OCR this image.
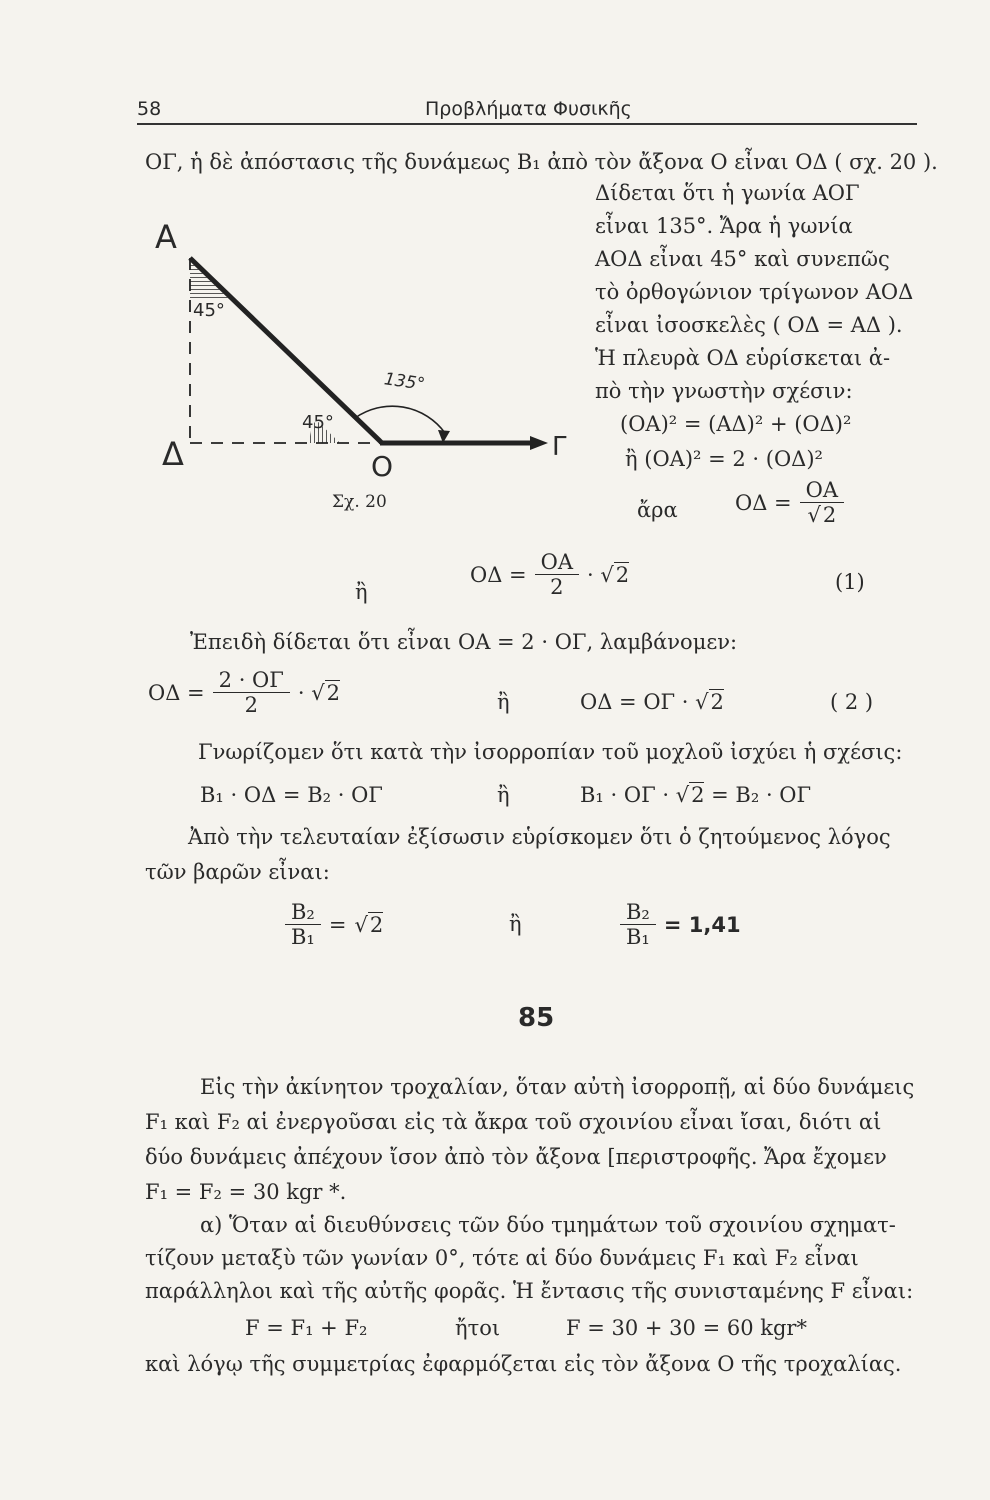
58	Προβλήματα Φυσικῆς
Α
Δ	Ο
Γ
45°
45°
135°
Σχ. 20
ΟΓ, ἡ δὲ ἀπόστασις τῆς δυνάμεως Β₁ ἀπὸ τὸν ἄξονα Ο εἶναι ΟΔ ( σχ. 20 ).
Δίδεται ὅτι ἡ γωνία ΑΟΓ
εἶναι 135°. Ἄρα ἡ γωνία
ΑΟΔ εἶναι 45° καὶ συνεπῶς
τὸ ὀρθογώνιον τρίγωνον ΑΟΔ
εἶναι ἰσοσκελὲς ( ΟΔ = ΑΔ ).
Ἡ πλευρὰ ΟΔ εὑρίσκεται ἀ-
πὸ τὴν γνωστὴν σχέσιν:
(ΟΑ)² = (ΑΔ)² + (ΟΔ)²
ἢ (ΟΑ)² = 2 · (ΟΔ)²
ἄρα	$O\Delta = \frac{OA}{√2}$
ἢ
$O\Delta = \frac{OA}{2} \cdot √2$	(1)
Ἐπειδὴ δίδεται ὅτι εἶναι ΟΑ = 2 · ΟΓ, λαμβάνομεν:
$O\Delta = \frac{2 \cdot O\Gamma}{2} \cdot √2$	ἢ	ΟΔ = ΟΓ · √2	( 2 )
Γνωρίζομεν ὅτι κατὰ τὴν ἰσορροπίαν τοῦ μοχλοῦ ἰσχύει ἡ σχέσις:
Β₁ · ΟΔ = Β₂ · ΟΓ	ἢ	Β₁ · ΟΓ · √2 = Β₂ · ΟΓ
Ἀπὸ τὴν τελευταίαν ἐξίσωσιν εὑρίσκομεν ὅτι ὁ ζητούμενος λόγος
τῶν βαρῶν εἶναι:
$\frac{\text{Β₂}}{\text{Β₁}} = √2$	ἢ	$\frac{\text{Β₂}}{\text{Β₁}} = 1,41$
85
Εἰς τὴν ἀκίνητον τροχαλίαν, ὅταν αὐτὴ ἰσορροπῇ, αἱ δύο δυνάμεις
F₁ καὶ F₂ αἱ ἐνεργοῦσαι εἰς τὰ ἄκρα τοῦ σχοινίου εἶναι ἴσαι, διότι αἱ
δύο δυνάμεις ἀπέχουν ἴσον ἀπὸ τὸν ἄξονα [περιστροφῆς. Ἄρα ἔχομεν
F₁ = F₂ = 30 kgr *.
α) Ὅταν αἱ διευθύνσεις τῶν δύο τμημάτων τοῦ σχοινίου σχηματ-
τίζουν μεταξὺ τῶν γωνίαν 0°, τότε αἱ δύο δυνάμεις F₁ καὶ F₂ εἶναι
παράλληλοι καὶ τῆς αὐτῆς φορᾶς. Ἡ ἔντασις τῆς συνισταμένης F εἶναι:
F = F₁ + F₂	ἤτοι	F = 30 + 30 = 60 kgr*
καὶ λόγῳ τῆς συμμετρίας ἐφαρμόζεται εἰς τὸν ἄξονα Ο τῆς τροχαλίας.
